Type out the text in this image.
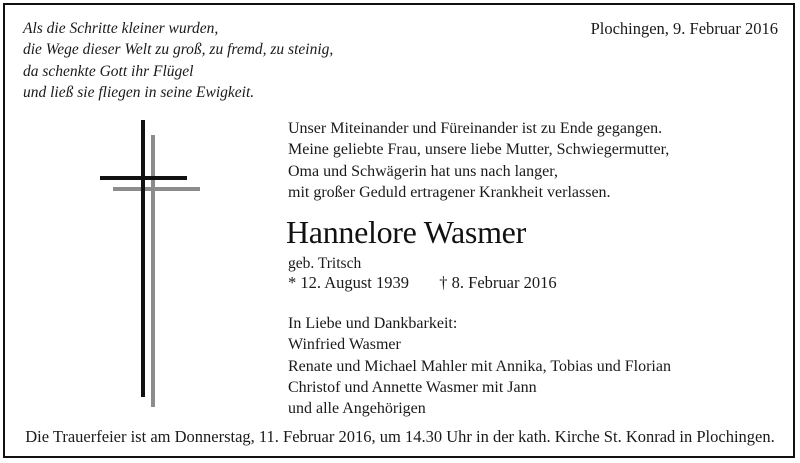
Als die Schritte kleiner wurden,
die Wege dieser Welt zu groß, zu fremd, zu steinig,
da schenkte Gott ihr Flügel
und ließ sie fliegen in seine Ewigkeit.
Plochingen, 9. Februar 2016
Unser Miteinander und Füreinander ist zu Ende gegangen.
Meine geliebte Frau, unsere liebe Mutter, Schwiegermutter,
Oma und Schwägerin hat uns nach langer,
mit großer Geduld ertragener Krankheit verlassen.
Hannelore Wasmer
geb. Tritsch
* 12. August 1939 † 8. Februar 2016
In Liebe und Dankbarkeit:
Winfried Wasmer
Renate und Michael Mahler mit Annika, Tobias und Florian
Christof und Annette Wasmer mit Jann
und alle Angehörigen
Die Trauerfeier ist am Donnerstag, 11. Februar 2016, um 14.30 Uhr in der kath. Kirche St. Konrad in Plochingen.
